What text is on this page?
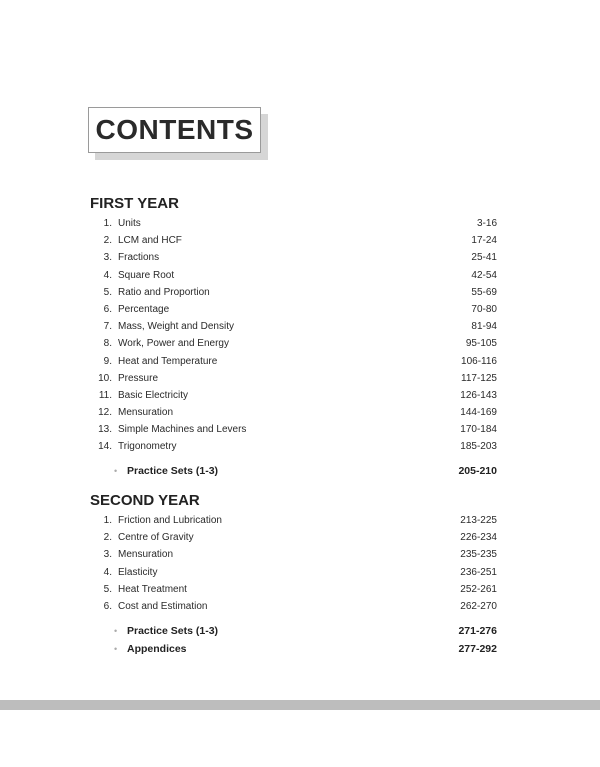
CONTENTS
FIRST YEAR
1. Units	3-16
2. LCM and HCF	17-24
3. Fractions	25-41
4. Square Root	42-54
5. Ratio and Proportion	55-69
6. Percentage	70-80
7. Mass, Weight and Density	81-94
8. Work, Power and Energy	95-105
9. Heat and Temperature	106-116
10. Pressure	117-125
11. Basic Electricity	126-143
12. Mensuration	144-169
13. Simple Machines and Levers	170-184
14. Trigonometry	185-203
• Practice Sets (1-3)	205-210
SECOND YEAR
1. Friction and Lubrication	213-225
2. Centre of Gravity	226-234
3. Mensuration	235-235
4. Elasticity	236-251
5. Heat Treatment	252-261
6. Cost and Estimation	262-270
• Practice Sets (1-3)	271-276
• Appendices	277-292
